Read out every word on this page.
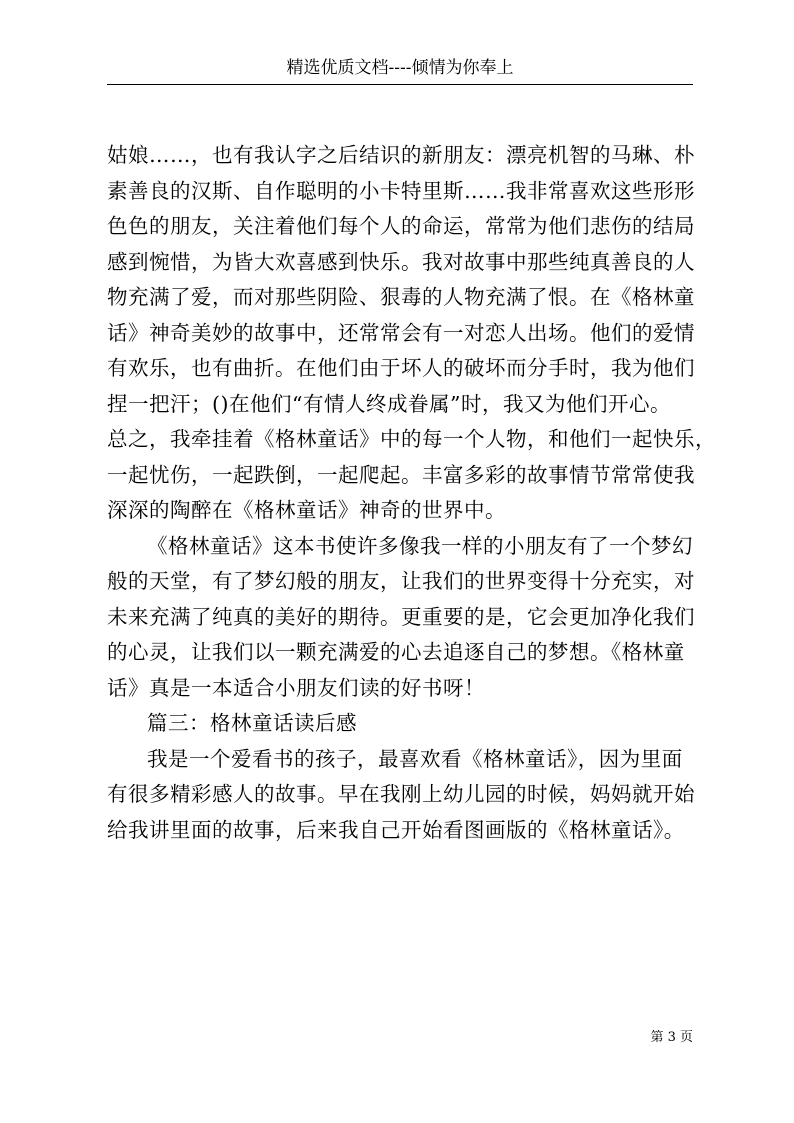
精选优质文档----倾情为你奉上
姑娘……，也有我认字之后结识的新朋友：漂亮机智的马琳、朴
素善良的汉斯、自作聪明的小卡特里斯……我非常喜欢这些形形
色色的朋友，关注着他们每个人的命运，常常为他们悲伤的结局
感到惋惜，为皆大欢喜感到快乐。我对故事中那些纯真善良的人
物充满了爱，而对那些阴险、狠毒的人物充满了恨。在《格林童
话》神奇美妙的故事中，还常常会有一对恋人出场。他们的爱情
有欢乐，也有曲折。在他们由于坏人的破坏而分手时，我为他们
捏一把汗；()在他们“有情人终成眷属”时，我又为他们开心。
总之，我牵挂着《格林童话》中的每一个人物，和他们一起快乐，
一起忧伤，一起跌倒，一起爬起。丰富多彩的故事情节常常使我
深深的陶醉在《格林童话》神奇的世界中。
《格林童话》这本书使许多像我一样的小朋友有了一个梦幻
般的天堂，有了梦幻般的朋友，让我们的世界变得十分充实，对
未来充满了纯真的美好的期待。更重要的是，它会更加净化我们
的心灵，让我们以一颗充满爱的心去追逐自己的梦想。《格林童
话》真是一本适合小朋友们读的好书呀！
篇三：格林童话读后感
我是一个爱看书的孩子，最喜欢看《格林童话》，因为里面
有很多精彩感人的故事。早在我刚上幼儿园的时候，妈妈就开始
给我讲里面的故事，后来我自己开始看图画版的《格林童话》。
第 3 页
